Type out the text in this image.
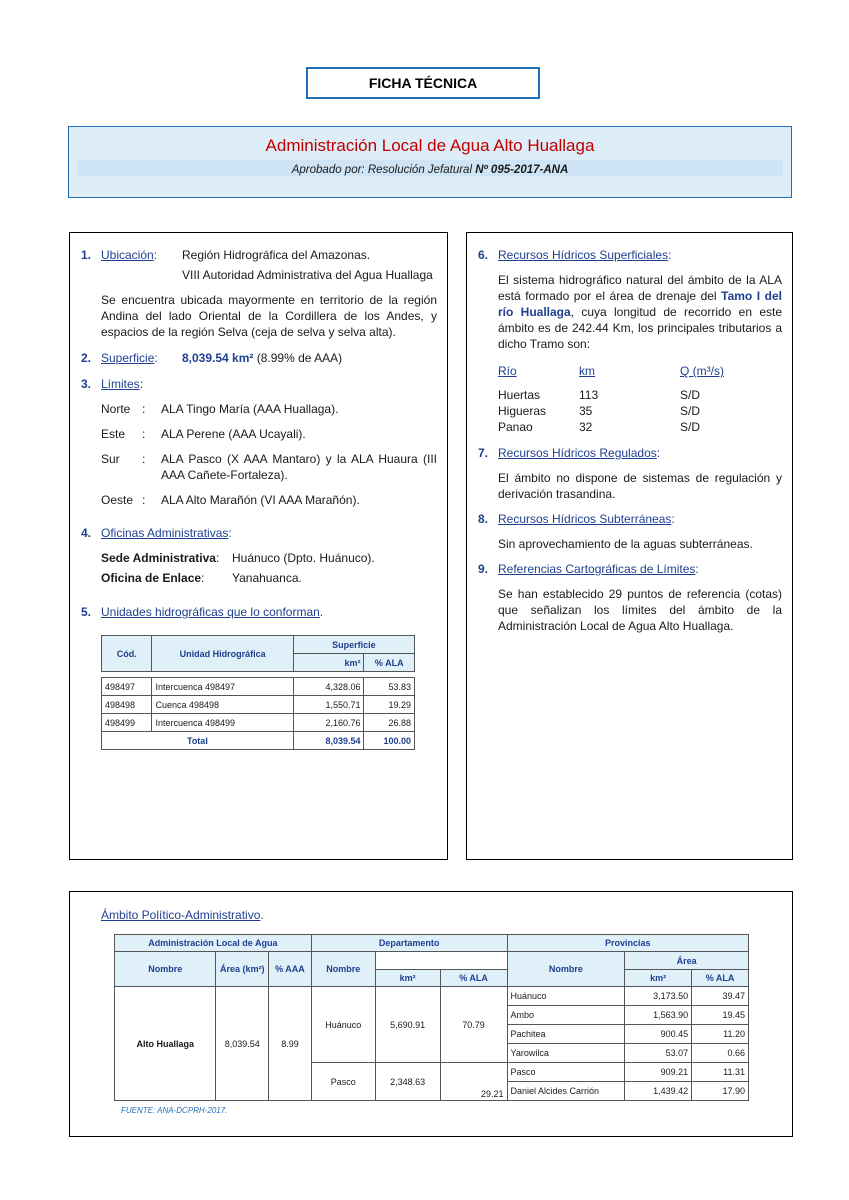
FICHA TÉCNICA
Administración Local de Agua Alto Huallaga
Aprobado por: Resolución Jefatural Nº 095-2017-ANA
1. Ubicación: Región Hidrográfica del Amazonas.
VIII Autoridad Administrativa del Agua Huallaga
Se encuentra ubicada mayormente en territorio de la región Andina del lado Oriental de la Cordillera de los Andes, y espacios de la región Selva (ceja de selva y selva alta).
2. Superficie: 8,039.54 km² (8.99% de AAA)
3. Límites:
Norte : ALA Tingo María (AAA Huallaga).
Este : ALA Perene (AAA Ucayali).
Sur : ALA Pasco (X AAA Mantaro) y la ALA Huaura (III AAA Cañete-Fortaleza).
Oeste : ALA Alto Marañón (VI AAA Marañón).
4. Oficinas Administrativas:
Sede Administrativa: Huánuco (Dpto. Huánuco).
Oficina de Enlace: Yanahuanca.
5. Unidades hidrográficas que lo conforman.
Cód.	Unidad Hidrográfica	Superficie	
		km²	% ALA

498497	Intercuenca 498497	4,328.06	53.83
498498	Cuenca 498498	1,550.71	19.29
498499	Intercuenca 498499	2,160.76	26.88
Total		8,039.54	100.00
6. Recursos Hídricos Superficiales:
El sistema hidrográfico natural del ámbito de la ALA está formado por el área de drenaje del Tamo I del río Huallaga, cuya longitud de recorrido en este ámbito es de 242.44 Km, los principales tributarios a dicho Tramo son:
Río	km	Q (m³/s)
Huertas	113	S/D
Higueras	35	S/D
Panao	32	S/D
7. Recursos Hídricos Regulados:
El ámbito no dispone de sistemas de regulación y derivación trasandina.
8. Recursos Hídricos Subterráneas:
Sin aprovechamiento de la aguas subterráneas.
9. Referencias Cartográficas de Límites:
Se han establecido 29 puntos de referencia (cotas) que señalizan los límites del ámbito de la Administración Local de Agua Alto Huallaga.
Ámbito Político-Administrativo.
Administración Local de Agua			Departamento			Provincias		
Nombre	Área (km²)	% AAA	Nombre			Nombre	Área	
				km²	% ALA		km²	% ALA
Alto Huallaga	8,039.54	8.99	Huánuco	5,690.91	70.79	Huánuco	3,173.50	39.47
						Ambo	1,563.90	19.45
						Pachitea	900.45	11.20
						Yarowilca	53.07	0.66
			Pasco	2,348.63	29.21	Pasco	909.21	11.31
						Daniel Alcides Carrión	1,439.42	17.90
FUENTE: ANA-DCPRH-2017.
